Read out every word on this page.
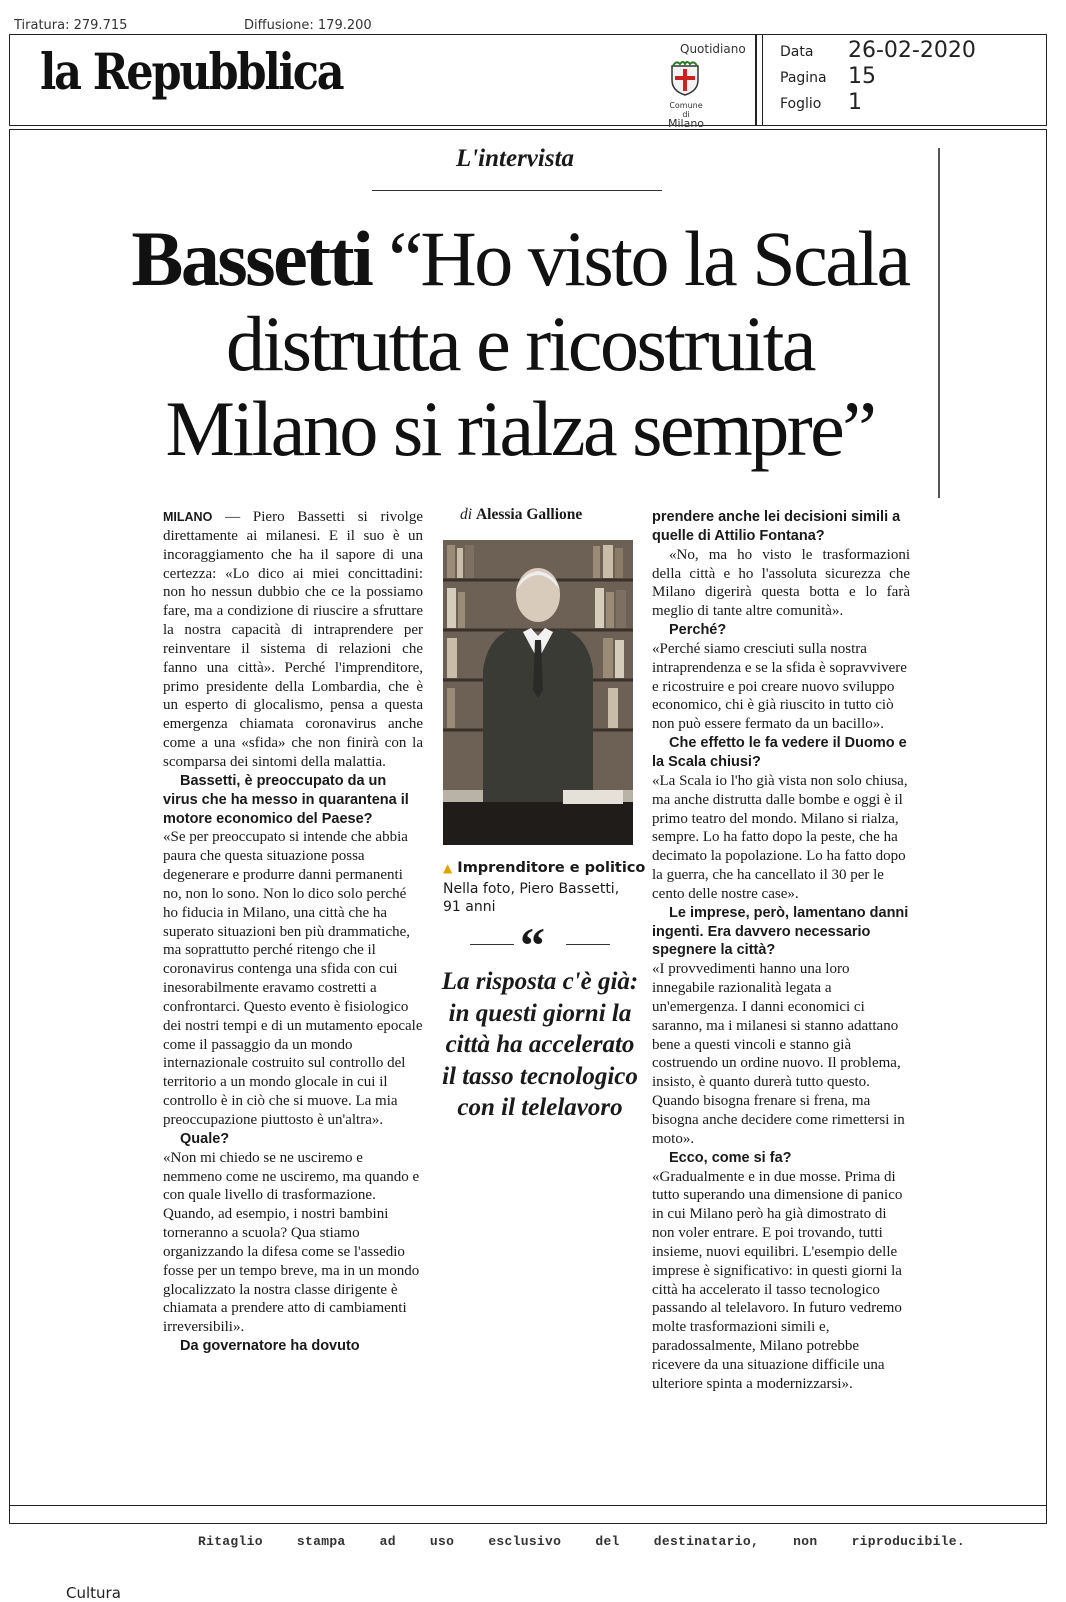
Tiratura: 279.715	Diffusione: 179.200
la Repubblica	Quotidiano
Comune di
Milano
Data 26-02-2020
Pagina 15
Foglio 1
L'intervista
Bassetti “Ho visto la Scala
distrutta e ricostruita
Milano si rialza sempre”

MILANO — Piero Bassetti si rivolge direttamente ai milanesi. E il suo è un incoraggiamento che ha il sapore di una certezza: «Lo dico ai miei concittadini: non ho nessun dubbio che ce la possiamo fare, ma a condizione di riuscire a sfruttare la nostra capacità di intraprendere per reinventare il sistema di relazioni che fanno una città». Perché l'imprenditore, primo presidente della Lombardia, che è un esperto di glocalismo, pensa a questa emergenza chiamata coronavirus anche come a una «sfida» che non finirà con la scomparsa dei sintomi della malattia.

Bassetti, è preoccupato da un virus che ha messo in quarantena il motore economico del Paese?

«Se per preoccupato si intende che abbia paura che questa situazione possa degenerare e produrre danni permanenti no, non lo sono. Non lo dico solo perché ho fiducia in Milano, una città che ha superato situazioni ben più drammatiche, ma soprattutto perché ritengo che il coronavirus contenga una sfida con cui inesorabilmente eravamo costretti a confrontarci. Questo evento è fisiologico dei nostri tempi e di un mutamento epocale come il passaggio da un mondo internazionale costruito sul controllo del territorio a un mondo glocale in cui il controllo è in ciò che si muove. La mia preoccupazione piuttosto è un'altra».

Quale?

«Non mi chiedo se ne usciremo e nemmeno come ne usciremo, ma quando e con quale livello di trasformazione. Quando, ad esempio, i nostri bambini torneranno a scuola? Qua stiamo organizzando la difesa come se l'assedio fosse per un tempo breve, ma in un mondo glocalizzato la nostra classe dirigente è chiamata a prendere atto di cambiamenti irreversibili».

Da governatore ha dovuto

di Alessia Gallione
▲ Imprenditore e politico
Nella foto, Piero Bassetti, 91 anni
“
La risposta c'è già: in questi giorni la città ha accelerato il tasso tecnologico con il telelavoro

prendere anche lei decisioni simili a quelle di Attilio Fontana?

«No, ma ho visto le trasformazioni della città e ho l'assoluta sicurezza che Milano digerirà questa botta e lo farà meglio di tante altre comunità».

Perché?

«Perché siamo cresciuti sulla nostra intraprendenza e se la sfida è sopravvivere e ricostruire e poi creare nuovo sviluppo economico, chi è già riuscito in tutto ciò non può essere fermato da un bacillo».

Che effetto le fa vedere il Duomo e la Scala chiusi?

«La Scala io l'ho già vista non solo chiusa, ma anche distrutta dalle bombe e oggi è il primo teatro del mondo. Milano si rialza, sempre. Lo ha fatto dopo la peste, che ha decimato la popolazione. Lo ha fatto dopo la guerra, che ha cancellato il 30 per le cento delle nostre case».

Le imprese, però, lamentano danni ingenti. Era davvero necessario spegnere la città?

«I provvedimenti hanno una loro innegabile razionalità legata a un'emergenza. I danni economici ci saranno, ma i milanesi si stanno adattano bene a questi vincoli e stanno già costruendo un ordine nuovo. Il problema, insisto, è quanto durerà tutto questo. Quando bisogna frenare si frena, ma bisogna anche decidere come rimettersi in moto».

Ecco, come si fa?

«Gradualmente e in due mosse. Prima di tutto superando una dimensione di panico in cui Milano però ha già dimostrato di non voler entrare. E poi trovando, tutti insieme, nuovi equilibri. L'esempio delle imprese è significativo: in questi giorni la città ha accelerato il tasso tecnologico passando al telelavoro. In futuro vedremo molte trasformazioni simili e, paradossalmente, Milano potrebbe ricevere da una situazione difficile una ulteriore spinta a modernizzarsi».

Ritaglio stampa ad uso esclusivo del destinatario, non riproducibile.
Cultura
